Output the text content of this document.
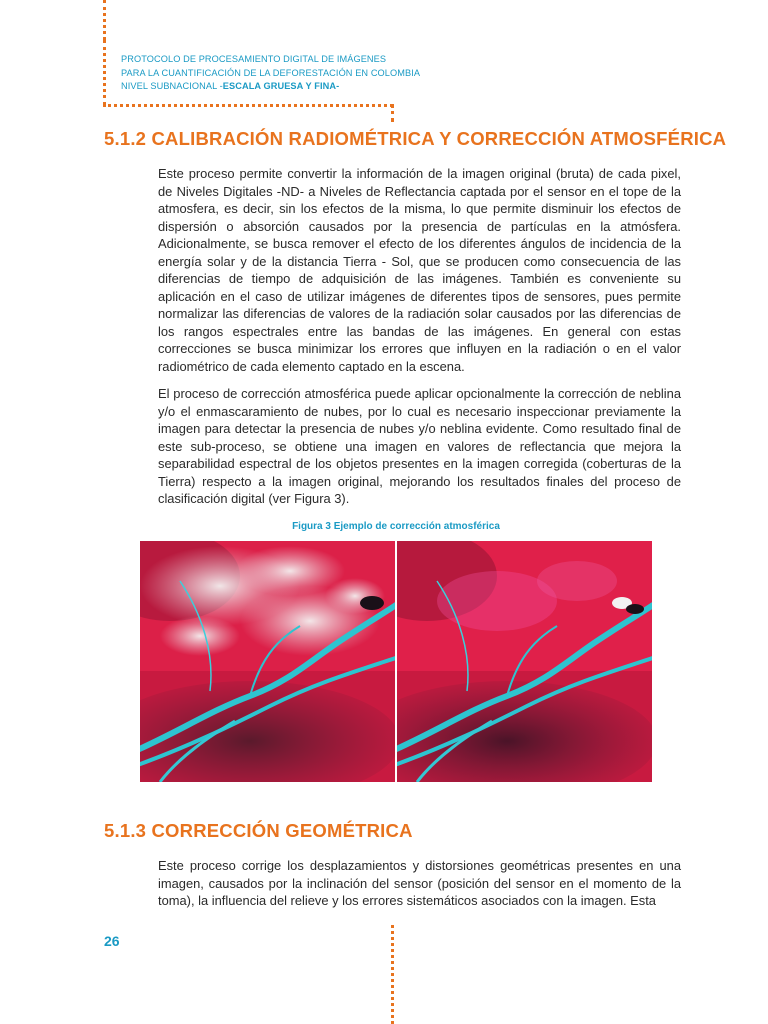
PROTOCOLO DE PROCESAMIENTO DIGITAL DE IMÁGENES
PARA LA CUANTIFICACIÓN DE LA DEFORESTACIÓN EN COLOMBIA
NIVEL SUBNACIONAL -ESCALA GRUESA Y FINA-
5.1.2 CALIBRACIÓN RADIOMÉTRICA Y CORRECCIÓN ATMOSFÉRICA

Este proceso permite convertir la información de la imagen original (bruta) de cada pixel, de Niveles Digitales -ND- a Niveles de Reflectancia captada por el sensor en el tope de la atmosfera, es decir, sin los efectos de la misma, lo que permite disminuir los efectos de dispersión o absorción causados por la presencia de partículas en la atmósfera. Adicionalmente, se busca remover el efecto de los diferentes ángulos de incidencia de la energía solar y de la distancia Tierra - Sol, que se producen como consecuencia de las diferencias de tiempo de adquisición de las imágenes. También es conveniente su aplicación en el caso de utilizar imágenes de diferentes tipos de sensores, pues permite normalizar las diferencias de valores de la radiación solar causados por las diferencias de los rangos espectrales entre las bandas de las imágenes. En general con estas correcciones se busca minimizar los errores que influyen en la radiación o en el valor radiométrico de cada elemento captado en la escena.

El proceso de corrección atmosférica puede aplicar opcionalmente la corrección de neblina y/o el enmascaramiento de nubes, por lo cual es necesario inspeccionar previamente la imagen para detectar la presencia de nubes y/o neblina evidente. Como resultado final de este sub-proceso, se obtiene una imagen en valores de reflectancia que mejora la separabilidad espectral de los objetos presentes en la imagen corregida (coberturas de la Tierra) respecto a la imagen original, mejorando los resultados finales del proceso de clasificación digital (ver Figura 3).

Figura 3 Ejemplo de corrección atmosférica
5.1.3 CORRECCIÓN GEOMÉTRICA

Este proceso corrige los desplazamientos y distorsiones geométricas presentes en una imagen, causados por la inclinación del sensor (posición del sensor en el momento de la toma), la influencia del relieve y los errores sistemáticos asociados con la imagen. Esta

26
